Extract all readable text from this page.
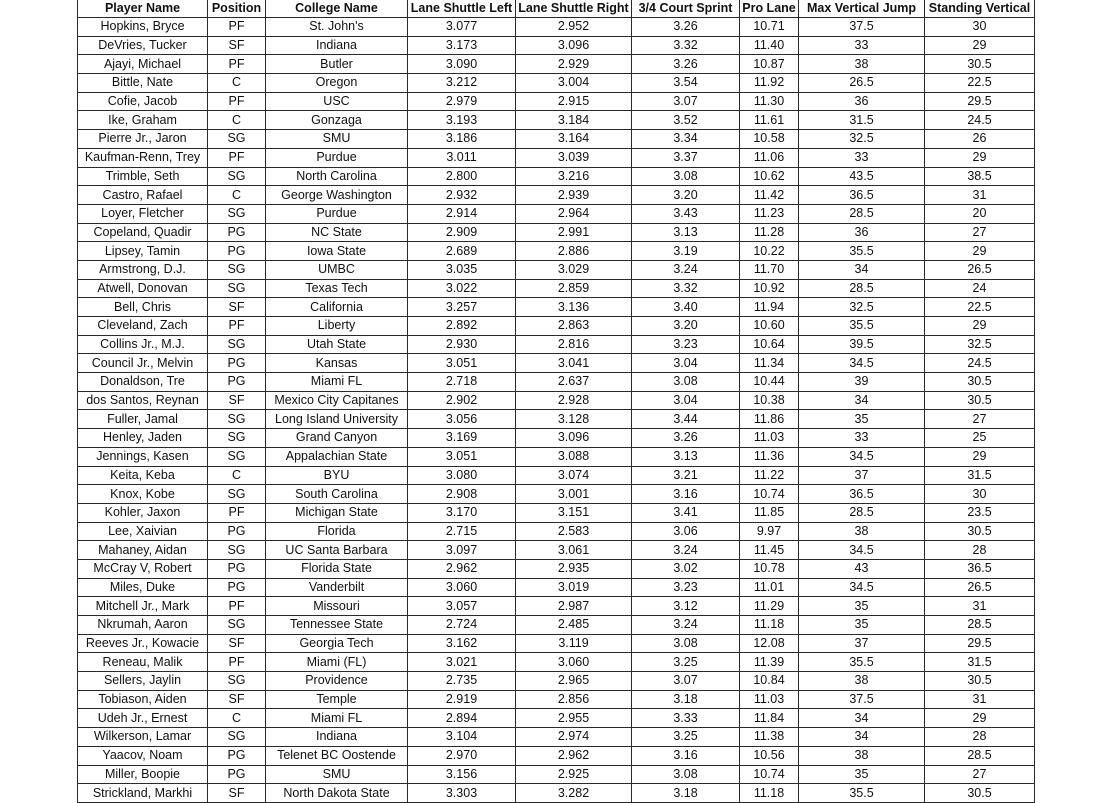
Player Name	Position	College Name	Lane Shuttle Left	Lane Shuttle Right	3/4 Court Sprint	Pro Lane	Max Vertical Jump	Standing Vertical
Hopkins, Bryce	PF	St. John's	3.077	2.952	3.26	10.71	37.5	30
DeVries, Tucker	SF	Indiana	3.173	3.096	3.32	11.40	33	29
Ajayi, Michael	PF	Butler	3.090	2.929	3.26	10.87	38	30.5
Bittle, Nate	C	Oregon	3.212	3.004	3.54	11.92	26.5	22.5
Cofie, Jacob	PF	USC	2.979	2.915	3.07	11.30	36	29.5
Ike, Graham	C	Gonzaga	3.193	3.184	3.52	11.61	31.5	24.5
Pierre Jr., Jaron	SG	SMU	3.186	3.164	3.34	10.58	32.5	26
Kaufman-Renn, Trey	PF	Purdue	3.011	3.039	3.37	11.06	33	29
Trimble, Seth	SG	North Carolina	2.800	3.216	3.08	10.62	43.5	38.5
Castro, Rafael	C	George Washington	2.932	2.939	3.20	11.42	36.5	31
Loyer, Fletcher	SG	Purdue	2.914	2.964	3.43	11.23	28.5	20
Copeland, Quadir	PG	NC State	2.909	2.991	3.13	11.28	36	27
Lipsey, Tamin	PG	Iowa State	2.689	2.886	3.19	10.22	35.5	29
Armstrong, D.J.	SG	UMBC	3.035	3.029	3.24	11.70	34	26.5
Atwell, Donovan	SG	Texas Tech	3.022	2.859	3.32	10.92	28.5	24
Bell, Chris	SF	California	3.257	3.136	3.40	11.94	32.5	22.5
Cleveland, Zach	PF	Liberty	2.892	2.863	3.20	10.60	35.5	29
Collins Jr., M.J.	SG	Utah State	2.930	2.816	3.23	10.64	39.5	32.5
Council Jr., Melvin	PG	Kansas	3.051	3.041	3.04	11.34	34.5	24.5
Donaldson, Tre	PG	Miami FL	2.718	2.637	3.08	10.44	39	30.5
dos Santos, Reynan	SF	Mexico City Capitanes	2.902	2.928	3.04	10.38	34	30.5
Fuller, Jamal	SG	Long Island University	3.056	3.128	3.44	11.86	35	27
Henley, Jaden	SG	Grand Canyon	3.169	3.096	3.26	11.03	33	25
Jennings, Kasen	SG	Appalachian State	3.051	3.088	3.13	11.36	34.5	29
Keita, Keba	C	BYU	3.080	3.074	3.21	11.22	37	31.5
Knox, Kobe	SG	South Carolina	2.908	3.001	3.16	10.74	36.5	30
Kohler, Jaxon	PF	Michigan State	3.170	3.151	3.41	11.85	28.5	23.5
Lee, Xaivian	PG	Florida	2.715	2.583	3.06	9.97	38	30.5
Mahaney, Aidan	SG	UC Santa Barbara	3.097	3.061	3.24	11.45	34.5	28
McCray V, Robert	PG	Florida State	2.962	2.935	3.02	10.78	43	36.5
Miles, Duke	PG	Vanderbilt	3.060	3.019	3.23	11.01	34.5	26.5
Mitchell Jr., Mark	PF	Missouri	3.057	2.987	3.12	11.29	35	31
Nkrumah, Aaron	SG	Tennessee State	2.724	2.485	3.24	11.18	35	28.5
Reeves Jr., Kowacie	SF	Georgia Tech	3.162	3.119	3.08	12.08	37	29.5
Reneau, Malik	PF	Miami (FL)	3.021	3.060	3.25	11.39	35.5	31.5
Sellers, Jaylin	SG	Providence	2.735	2.965	3.07	10.84	38	30.5
Tobiason, Aiden	SF	Temple	2.919	2.856	3.18	11.03	37.5	31
Udeh Jr., Ernest	C	Miami FL	2.894	2.955	3.33	11.84	34	29
Wilkerson, Lamar	SG	Indiana	3.104	2.974	3.25	11.38	34	28
Yaacov, Noam	PG	Telenet BC Oostende	2.970	2.962	3.16	10.56	38	28.5
Miller, Boopie	PG	SMU	3.156	2.925	3.08	10.74	35	27
Strickland, Markhi	SF	North Dakota State	3.303	3.282	3.18	11.18	35.5	30.5
